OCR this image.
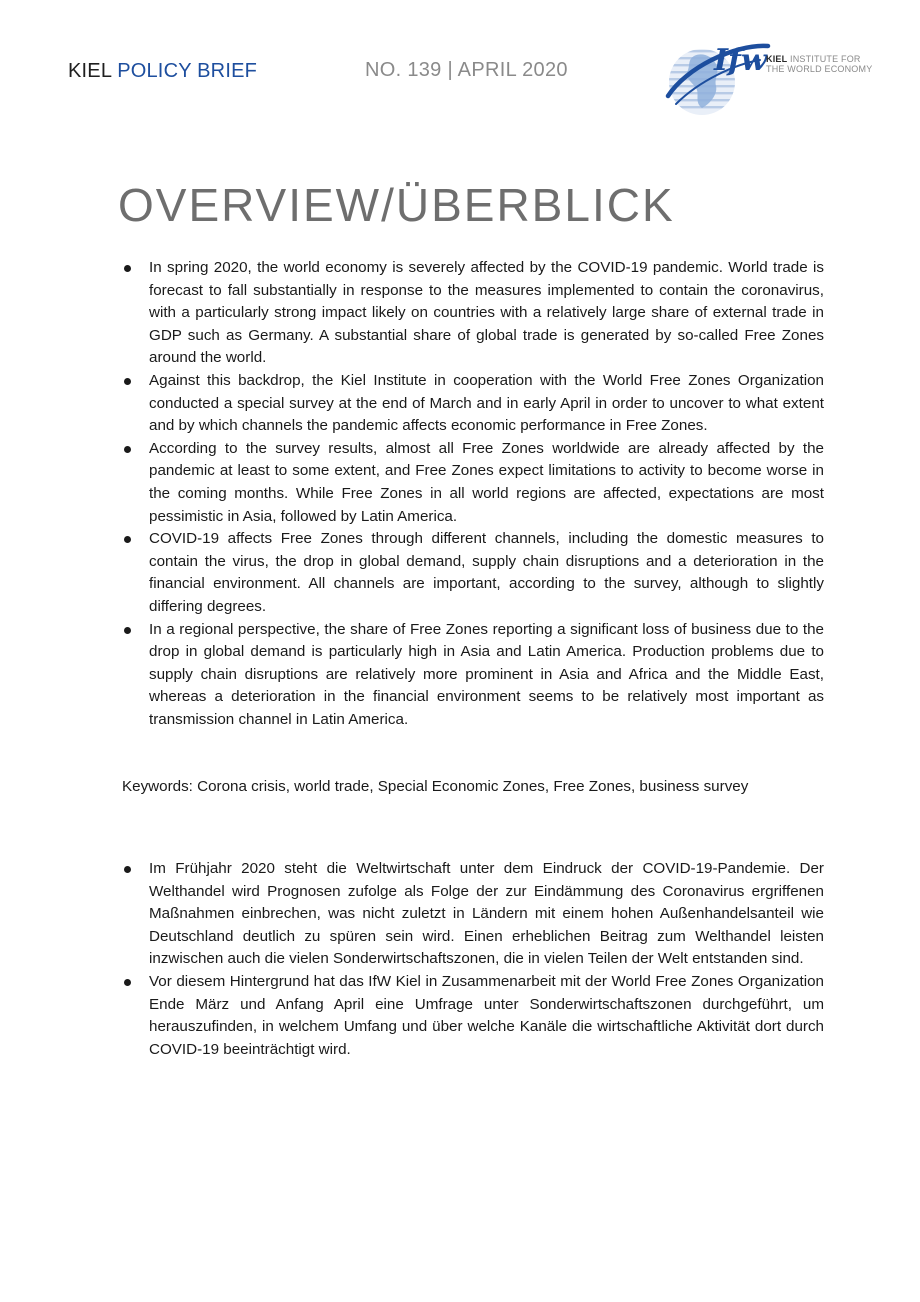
KIEL POLICY BRIEF	NO. 139 | APRIL 2020	Ifw KIEL INSTITUTE FOR
THE WORLD ECONOMY
OVERVIEW/ÜBERBLICK
In spring 2020, the world economy is severely affected by the COVID-19 pandemic. World trade is forecast to fall substantially in response to the measures implemented to contain the coronavirus, with a particularly strong impact likely on countries with a relatively large share of external trade in GDP such as Germany. A substantial share of global trade is generated by so-called Free Zones around the world.
Against this backdrop, the Kiel Institute in cooperation with the World Free Zones Organization conducted a special survey at the end of March and in early April in order to uncover to what extent and by which channels the pandemic affects economic performance in Free Zones.
According to the survey results, almost all Free Zones worldwide are already affected by the pandemic at least to some extent, and Free Zones expect limitations to activity to become worse in the coming months. While Free Zones in all world regions are affected, expectations are most pessimistic in Asia, followed by Latin America.
COVID-19 affects Free Zones through different channels, including the domestic measures to contain the virus, the drop in global demand, supply chain disruptions and a deterioration in the financial environment. All channels are important, according to the survey, although to slightly differing degrees.
In a regional perspective, the share of Free Zones reporting a significant loss of business due to the drop in global demand is particularly high in Asia and Latin America. Production problems due to supply chain disruptions are relatively more prominent in Asia and Africa and the Middle East, whereas a deterioration in the financial environment seems to be relatively most important as transmission channel in Latin America.
Keywords: Corona crisis, world trade, Special Economic Zones, Free Zones, business survey
Im Frühjahr 2020 steht die Weltwirtschaft unter dem Eindruck der COVID-19-Pandemie. Der Welthandel wird Prognosen zufolge als Folge der zur Eindämmung des Coronavirus ergriffenen Maßnahmen einbrechen, was nicht zuletzt in Ländern mit einem hohen Außenhandelsanteil wie Deutschland deutlich zu spüren sein wird. Einen erheblichen Beitrag zum Welthandel leisten inzwischen auch die vielen Sonderwirtschaftszonen, die in vielen Teilen der Welt entstanden sind.
Vor diesem Hintergrund hat das IfW Kiel in Zusammenarbeit mit der World Free Zones Organization Ende März und Anfang April eine Umfrage unter Sonderwirtschaftszonen durchgeführt, um herauszufinden, in welchem Umfang und über welche Kanäle die wirtschaftliche Aktivität dort durch COVID-19 beeinträchtigt wird.
